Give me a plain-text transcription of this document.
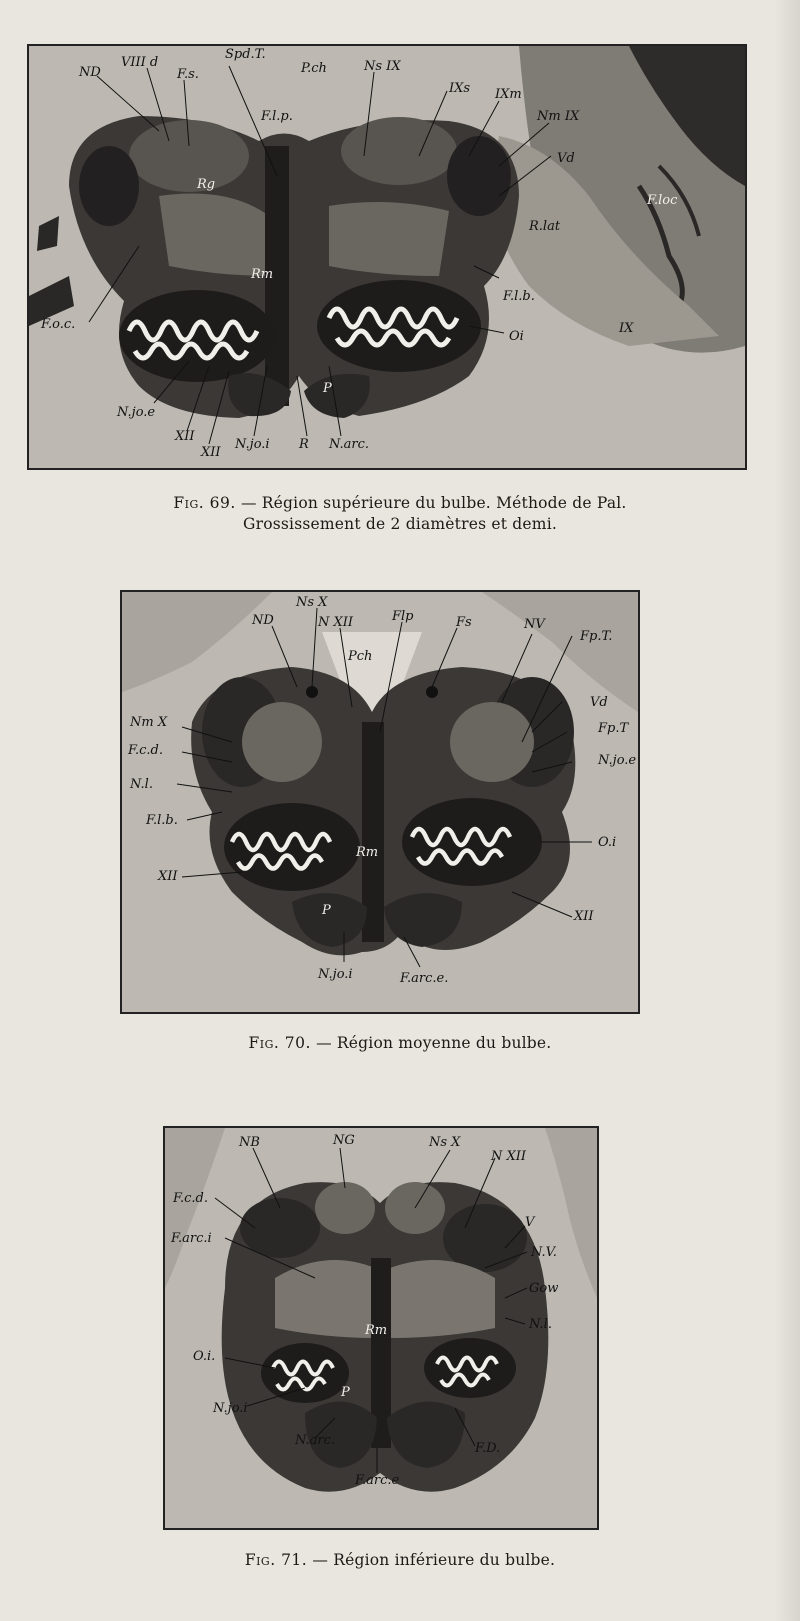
ND
VIII d
F.s.
Spd.T.
P.ch	Ns IX
IXs IXm
Nm IX
F.l.p.
Vd
F.loc
Rg
R.lat
Rm
F.l.b.
F.o.c.
Oi
IX
P
N.jo.e
XII
XII
N.jo.i R N.arc.
Fig. 69. — Région supérieure du bulbe. Méthode de Pal.
Grossissement de 2 diamètres et demi.
Ns X
ND	N XII	Flp	Fs	NV
Fp.T.
Pch
Vd
Nm X	Fp.T
F.c.d.
N.jo.e
N.l.
F.l.b.
O.i
Rm
XII
P	XII
N.jo.i	F.arc.e.
Fig. 70. — Région moyenne du bulbe.
NB	NG	Ns X
N XII
F.c.d.
V
F.arc.i
N.V.
Gow
N.l.
Rm
O.i.
P
N.jo.i
N.arc.
F.D.
F.arc.e
Fig. 71. — Région inférieure du bulbe.
